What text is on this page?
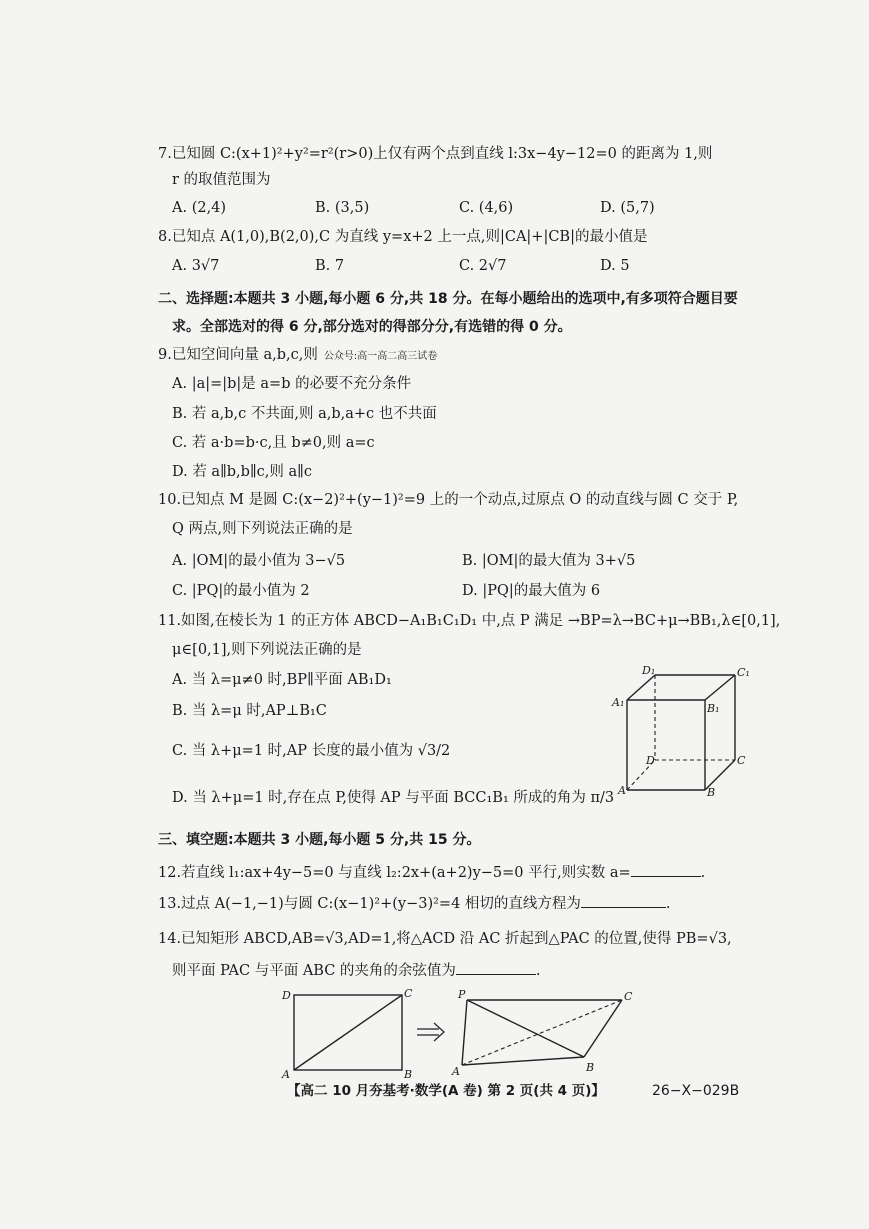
7.已知圆 C:(x+1)²+y²=r²(r>0)上仅有两个点到直线 l:3x−4y−12=0 的距离为 1,则
r 的取值范围为
A. (2,4)	B. (3,5)	C. (4,6)	D. (5,7)
8.已知点 A(1,0),B(2,0),C 为直线 y=x+2 上一点,则|CA|+|CB|的最小值是
A. 3√7	B. 7	C. 2√7	D. 5
二、选择题:本题共 3 小题,每小题 6 分,共 18 分。在每小题给出的选项中,有多项符合题目要
求。全部选对的得 6 分,部分选对的得部分分,有选错的得 0 分。
9.已知空间向量 a,b,c,则 公众号:高一高二高三试卷
A. |a|=|b|是 a=b 的必要不充分条件
B. 若 a,b,c 不共面,则 a,b,a+c 也不共面
C. 若 a·b=b·c,且 b≠0,则 a=c
D. 若 a∥b,b∥c,则 a∥c
10.已知点 M 是圆 C:(x−2)²+(y−1)²=9 上的一个动点,过原点 O 的动直线与圆 C 交于 P,
Q 两点,则下列说法正确的是
A. |OM|的最小值为 3−√5	B. |OM|的最大值为 3+√5
C. |PQ|的最小值为 2	D. |PQ|的最大值为 6
11.如图,在棱长为 1 的正方体 ABCD−A₁B₁C₁D₁ 中,点 P 满足 →BP=λ→BC+μ→BB₁,λ∈[0,1],
μ∈[0,1],则下列说法正确的是
A. 当 λ=μ≠0 时,BP∥平面 AB₁D₁
B. 当 λ=μ 时,AP⊥B₁C
C. 当 λ+μ=1 时,AP 长度的最小值为 √3/2
D. 当 λ+μ=1 时,存在点 P,使得 AP 与平面 BCC₁B₁ 所成的角为 π/3
D₁	C₁
A₁	B₁
D	C
A	B
三、填空题:本题共 3 小题,每小题 5 分,共 15 分。
12.若直线 l₁:ax+4y−5=0 与直线 l₂:2x+(a+2)y−5=0 平行,则实数 a=	.
13.过点 A(−1,−1)与圆 C:(x−1)²+(y−3)²=4 相切的直线方程为	.
14.已知矩形 ABCD,AB=√3,AD=1,将△ACD 沿 AC 折起到△PAC 的位置,使得 PB=√3,
则平面 PAC 与平面 ABC 的夹角的余弦值为	.
D	C
A	B
P	C
A	B
【高二 10 月夯基考·数学(A 卷) 第 2 页(共 4 页)】	26−X−029B
